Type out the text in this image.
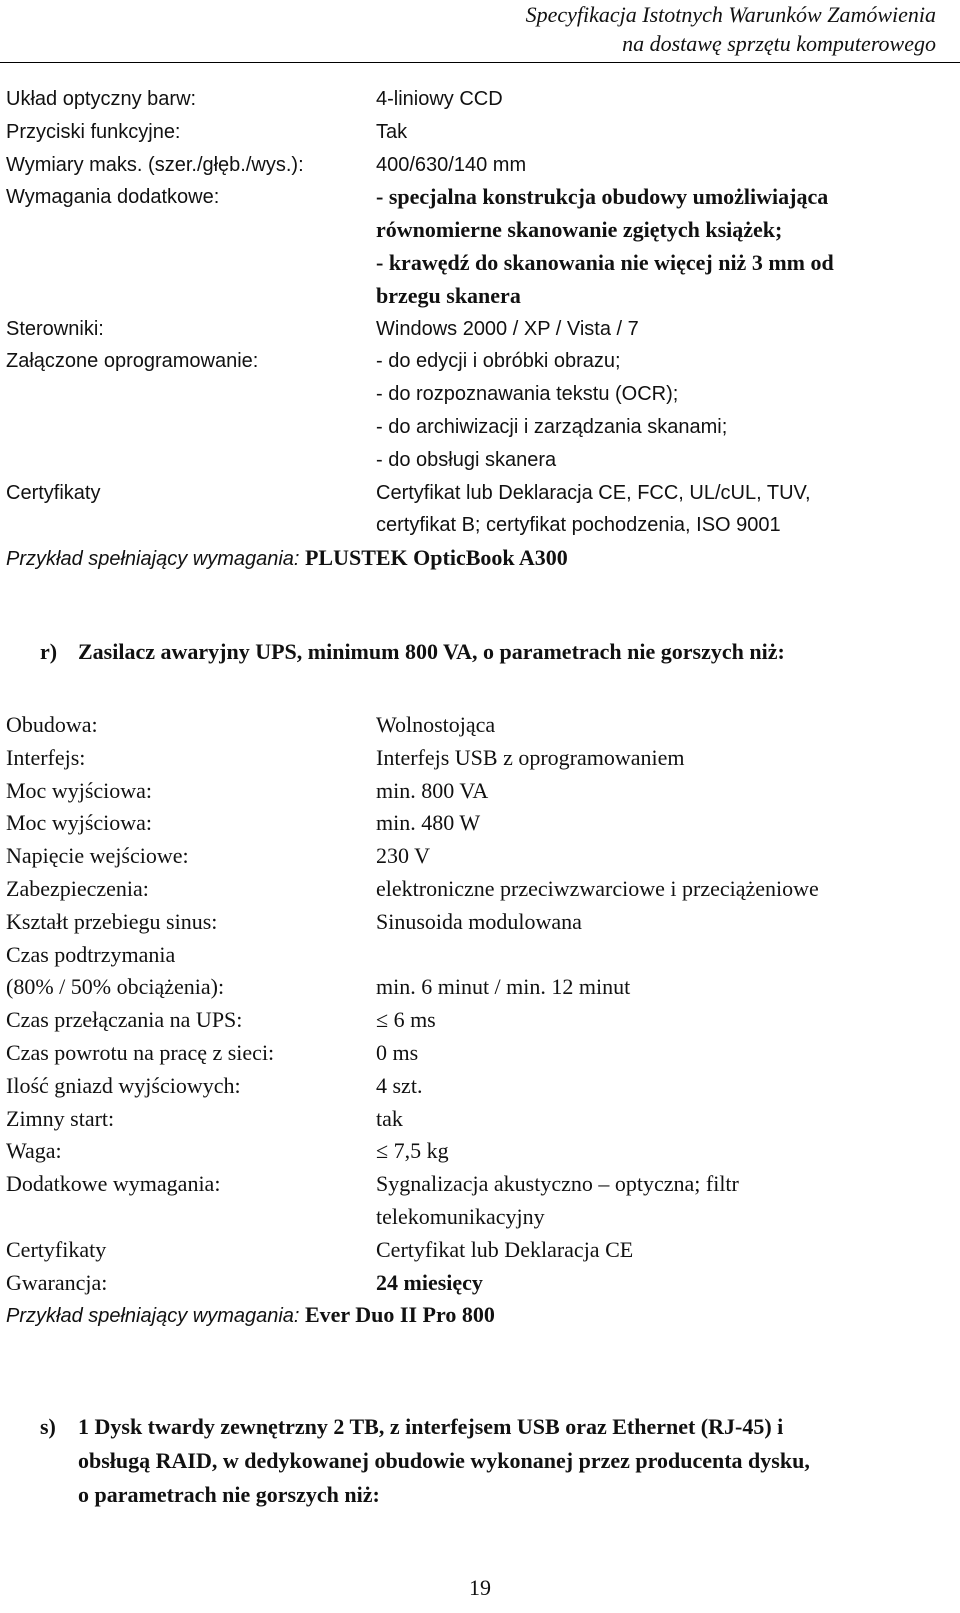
Specyfikacja Istotnych Warunków Zamówienia
na dostawę sprzętu komputerowego
Układ optyczny barw:	4-liniowy CCD
Przyciski funkcyjne:	Tak
Wymiary maks. (szer./głęb./wys.):	400/630/140 mm
Wymagania dodatkowe:	- specjalna konstrukcja obudowy umożliwiająca
równomierne skanowanie zgiętych książek;
- krawędź do skanowania nie więcej niż 3 mm od
brzegu skanera
Sterowniki:	Windows 2000 / XP / Vista / 7
Załączone oprogramowanie:	- do edycji i obróbki obrazu;
- do rozpoznawania tekstu (OCR);
- do archiwizacji i zarządzania skanami;
- do obsługi skanera
Certyfikaty	Certyfikat lub Deklaracja CE, FCC, UL/cUL, TUV,
certyfikat B; certyfikat pochodzenia, ISO 9001
Przykład spełniający wymagania: PLUSTEK OpticBook A300
r) Zasilacz awaryjny UPS, minimum 800 VA, o parametrach nie gorszych niż:
Obudowa:	Wolnostojąca
Interfejs:	Interfejs USB z oprogramowaniem
Moc wyjściowa:	min. 800 VA
Moc wyjściowa:	min. 480 W
Napięcie wejściowe:	230 V
Zabezpieczenia:	elektroniczne przeciwzwarciowe i przeciążeniowe
Kształt przebiegu sinus:	Sinusoida modulowana
Czas podtrzymania
(80% / 50% obciążenia):	min. 6 minut / min. 12 minut
Czas przełączania na UPS:	≤ 6 ms
Czas powrotu na pracę z sieci:	0 ms
Ilość gniazd wyjściowych:	4 szt.
Zimny start:	tak
Waga:	≤ 7,5 kg
Dodatkowe wymagania:	Sygnalizacja akustyczno – optyczna; filtr
telekomunikacyjny
Certyfikaty	Certyfikat lub Deklaracja CE
Gwarancja:	24 miesięcy
Przykład spełniający wymagania: Ever Duo II Pro 800
s)	1 Dysk twardy zewnętrzny 2 TB, z interfejsem USB oraz Ethernet (RJ-45) i
obsługą RAID, w dedykowanej obudowie wykonanej przez producenta dysku,
o parametrach nie gorszych niż:
19
